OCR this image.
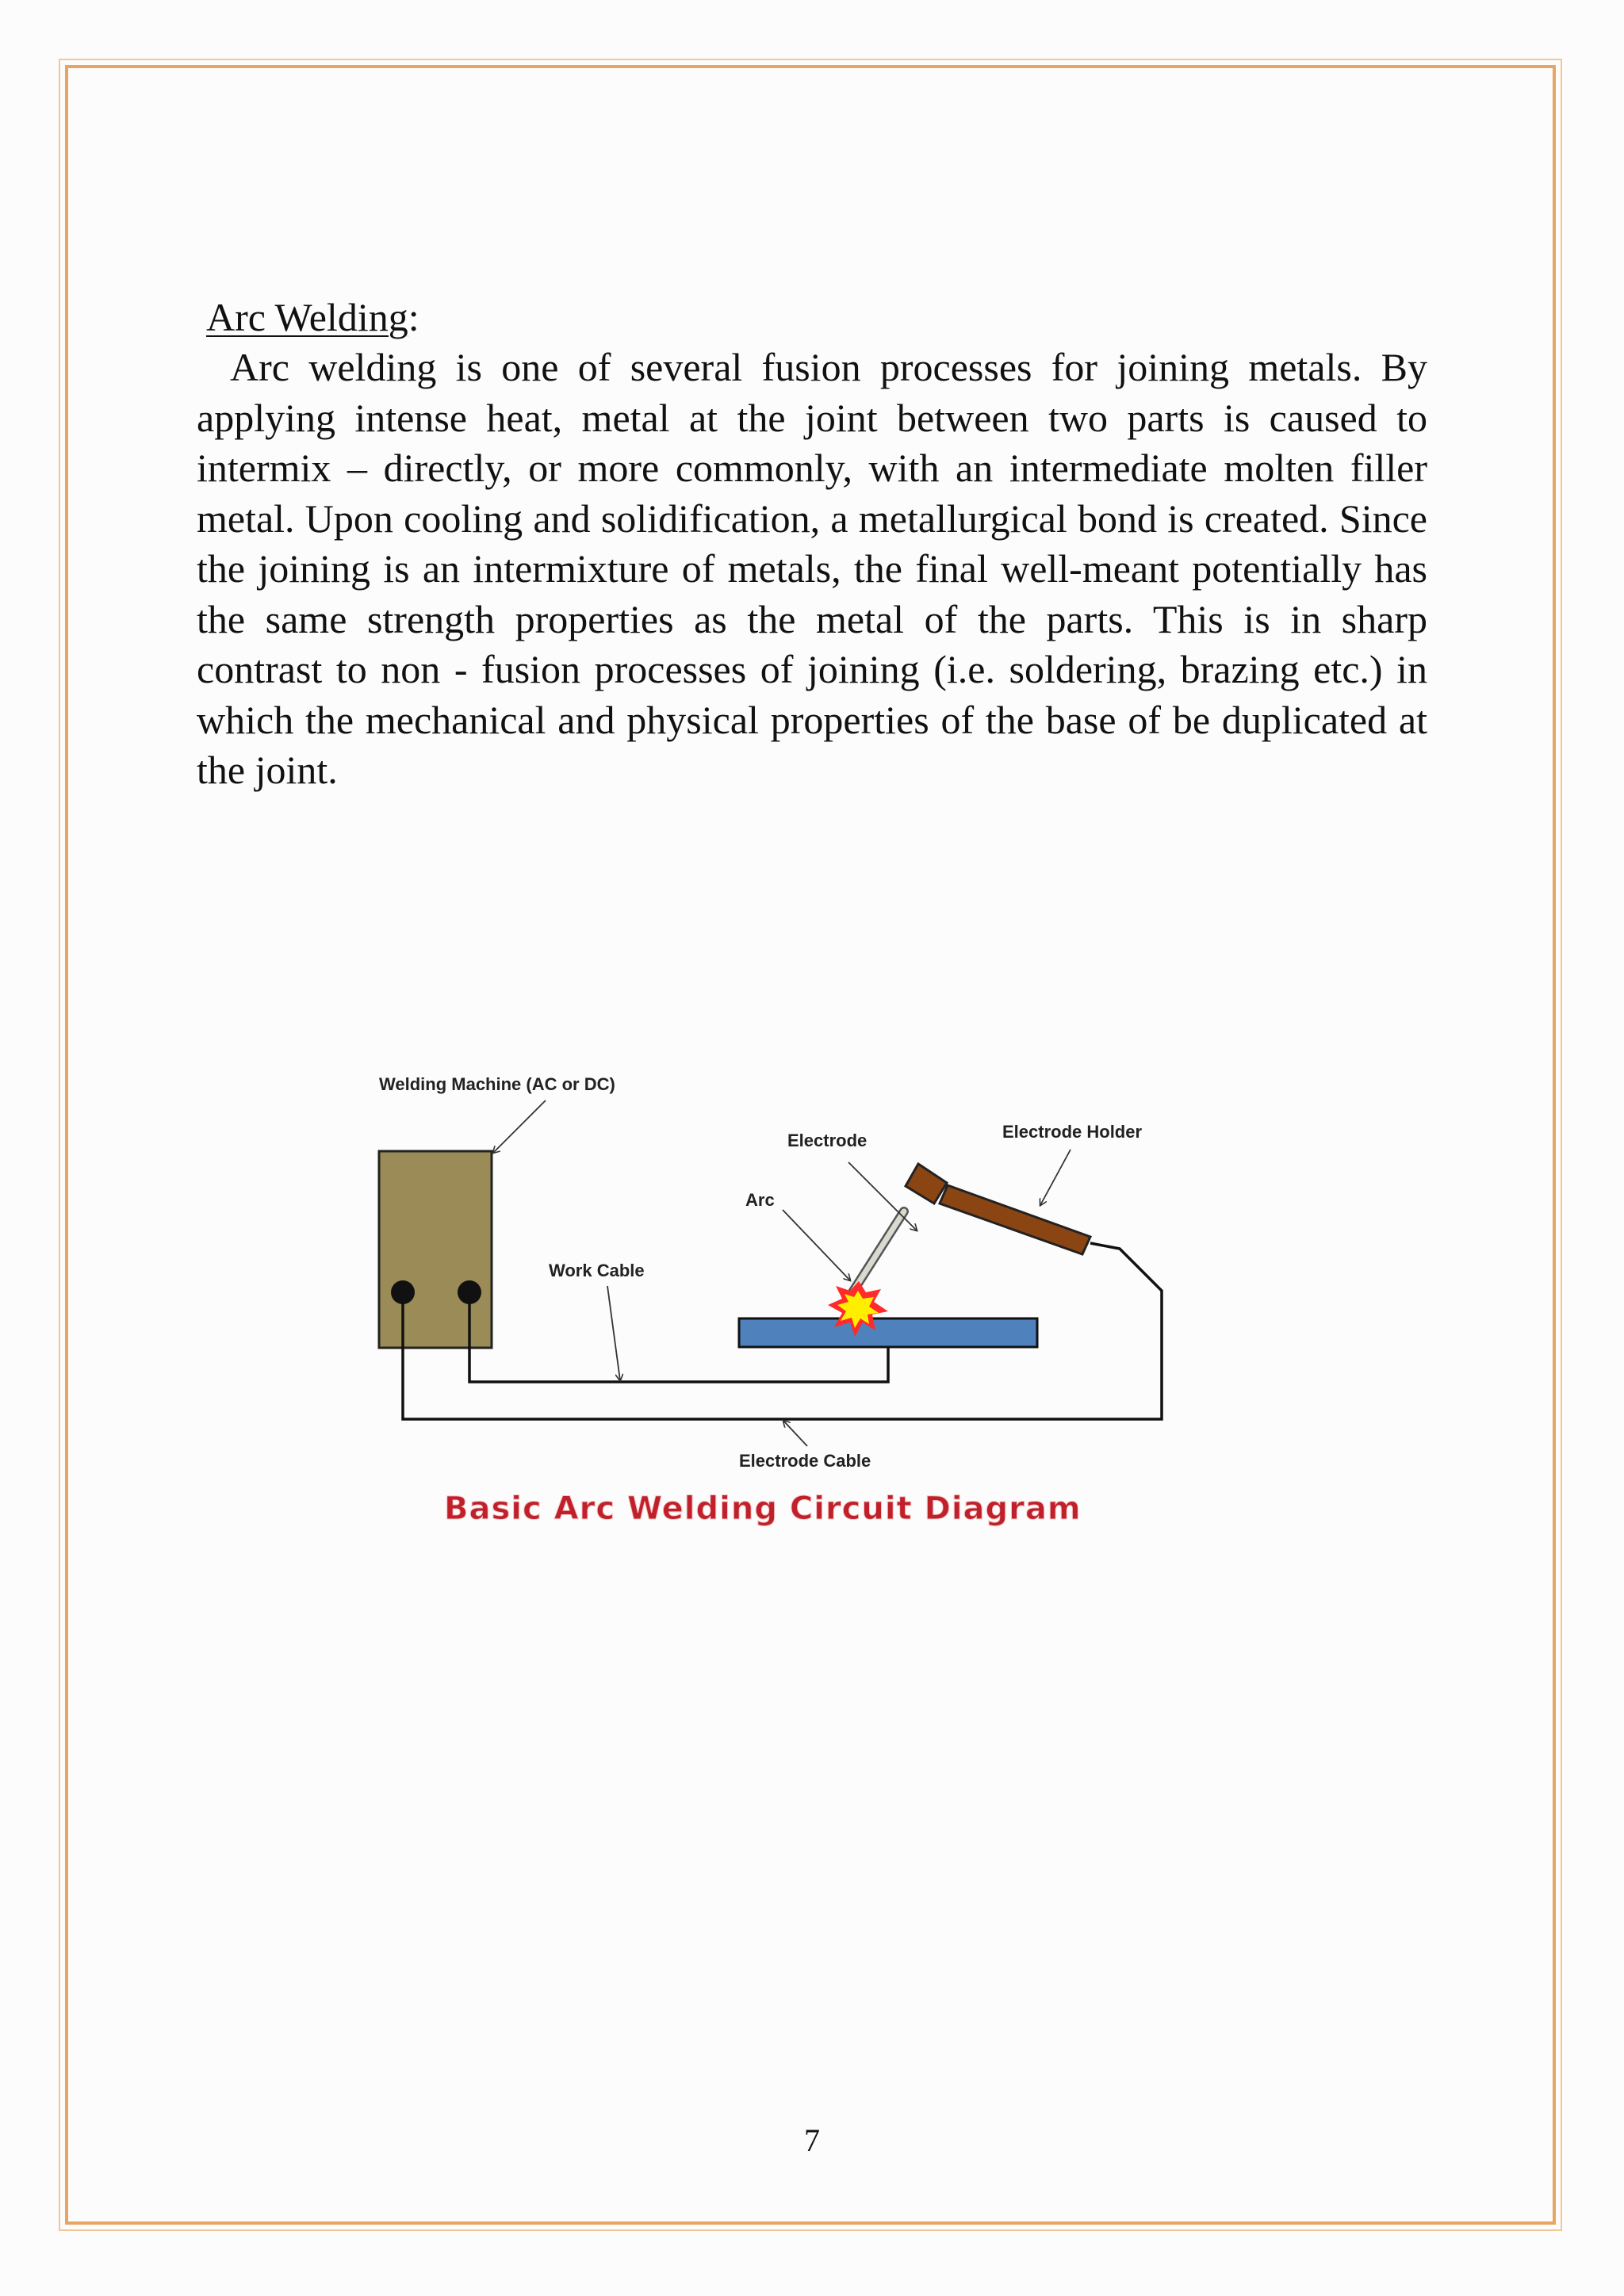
Arc Welding:

Arc welding is one of several fusion processes for joining metals. By applying intense heat, metal at the joint between two parts is caused to intermix – directly, or more commonly, with an intermediate molten filler metal. Upon cooling and solidification, a metallurgical bond is created. Since the joining is an intermixture of metals, the final well-meant potentially has the same strength properties as the metal of the parts. This is in sharp contrast to non - fusion processes of joining (i.e. soldering, brazing etc.) in which the mechanical and physical properties of the base of be duplicated at the joint.

Welding Machine (AC or DC)
Electrode	Electrode Holder
Arc
Work Cable
Electrode Cable
Basic Arc Welding Circuit Diagram
7
